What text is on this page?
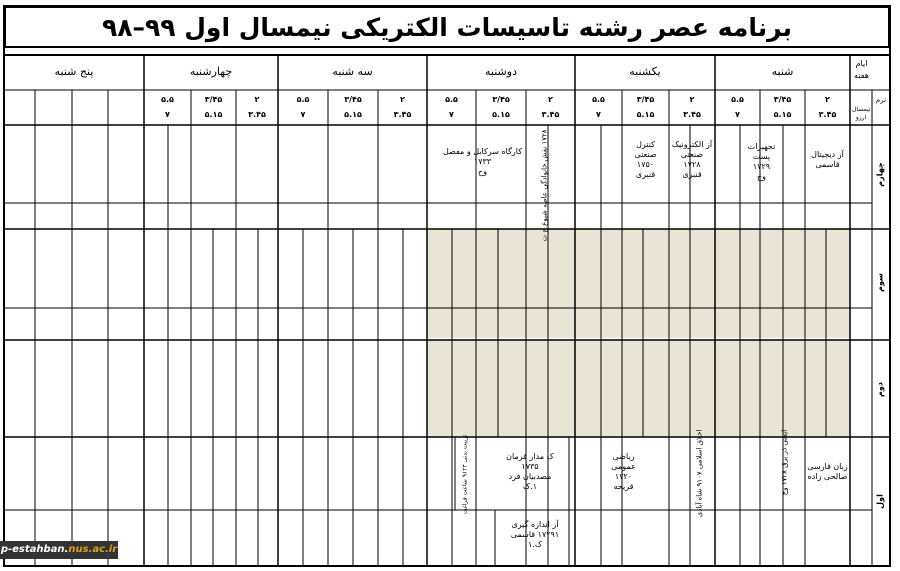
برنامه عصر رشته تاسیسات الکتریکی نیمسال اول ۹۹–۹۸
ایام
هفته
ترم
نیمسال
ارزو
شنبه
یکشنبه
دوشنبه
سه شنبه
چهارشنبه
پنج شنبه
۲
۳.۴۵
۳/۴۵
۵.۱۵
۵.۵
۷
۲
۳.۴۵
۳/۴۵
۵.۱۵
۵.۵
۷
۲
۳.۴۵
۳/۴۵
۵.۱۵
۵.۵
۷
۲
۳.۴۵
۳/۴۵
۵.۱۵
۵.۵
۷
۲
۳.۴۵
۳/۴۵
۵.۱۵
۵.۵
۷
چهارم
سوم
دوم
اول
آز دیجیتال
قاسمی
تجهیزات
پست
۱۷۲۹
وح
آز الکترونیک
صنعتی
۱۷۲۸
قنبری
کنترل
صنعتی
۱۷۵۰
قنبری
۱۷۲۸ نقش خانوادگی عاصه شیوع ج ت
کارگاه سرکابل و مفصل
۱۷۳۳
وح
زبان فارسی
صالحی زاده
ایمنی در برق ۱۷۲۸ وح
اخلاق اسلامی ۹۱۰۷ شاه آبادی
ریاضی
عمومی
۱۷۲۰
قریحه
ک مدار فرمان
۱۷۳۵
مصدبیان فرد
۱.ک
تربیت بدنی ۹۱۲۳ ساعت فراغت
آز اندازه گیری
۱۷۲۹۱ قاسمی
ک.۱
p-estahban.nus.ac.ir
